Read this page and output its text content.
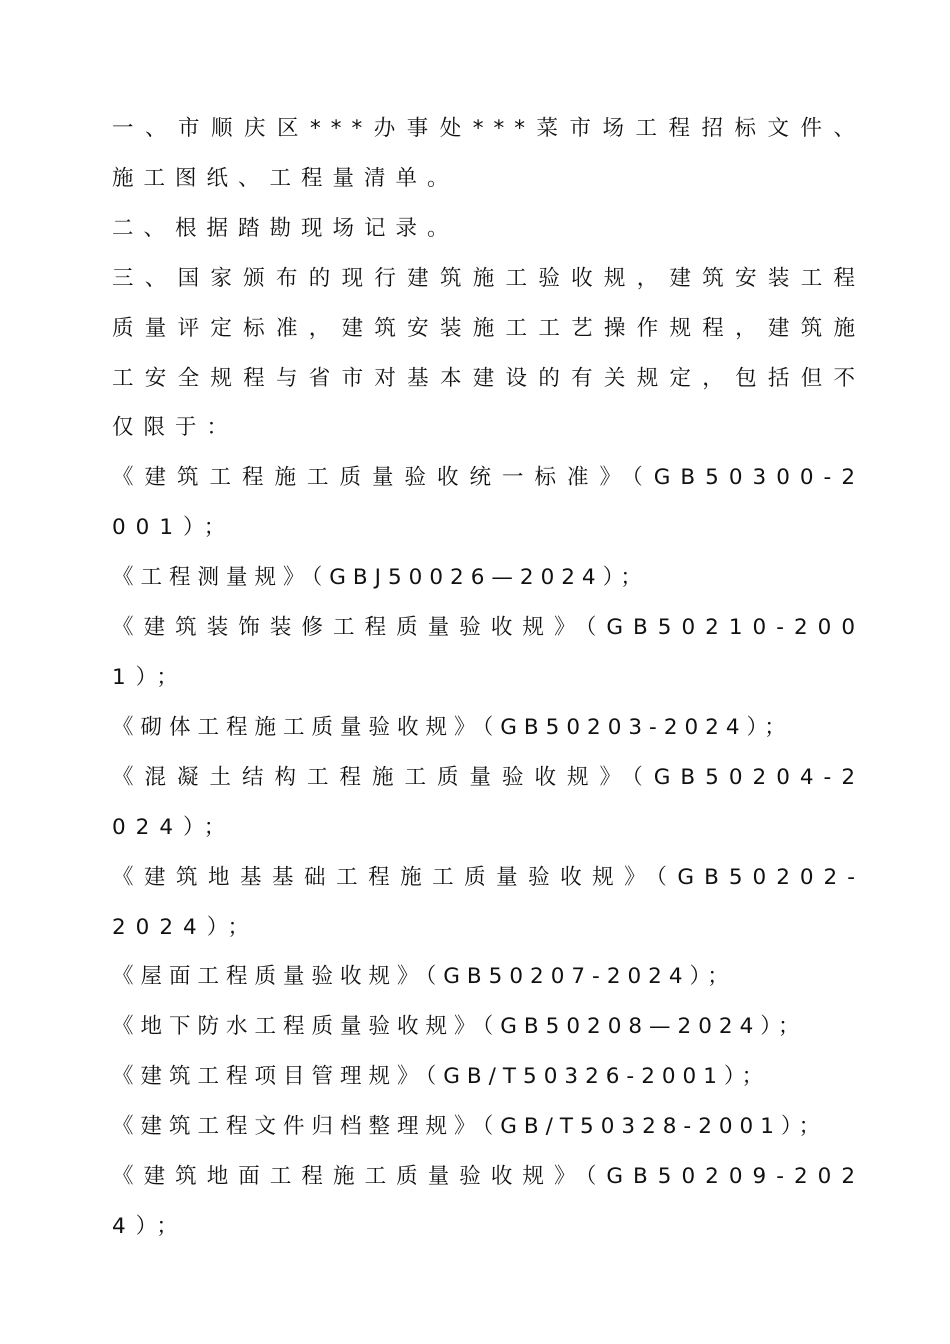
一、市顺庆区***办事处***菜市场工程招标文件、施工图纸、工程量清单。

二、根据踏勘现场记录。

三、国家颁布的现行建筑施工验收规，建筑安装工程质量评定标准，建筑安装施工工艺操作规程，建筑施工安全规程与省市对基本建设的有关规定，包括但不仅限于：

《建筑工程施工质量验收统一标准》（GB50300-2001）；

《工程测量规》（GBJ50026—2024）；

《建筑装饰装修工程质量验收规》（GB50210-2001）；

《砌体工程施工质量验收规》（GB50203-2024）；

《混凝土结构工程施工质量验收规》（GB50204-2024）；

《建筑地基基础工程施工质量验收规》（GB50202-2024）；

《屋面工程质量验收规》（GB50207-2024）；

《地下防水工程质量验收规》（GB50208—2024）；

《建筑工程项目管理规》（GB/T50326-2001）；

《建筑工程文件归档整理规》（GB/T50328-2001）；

《建筑地面工程施工质量验收规》（GB50209-2024）；
